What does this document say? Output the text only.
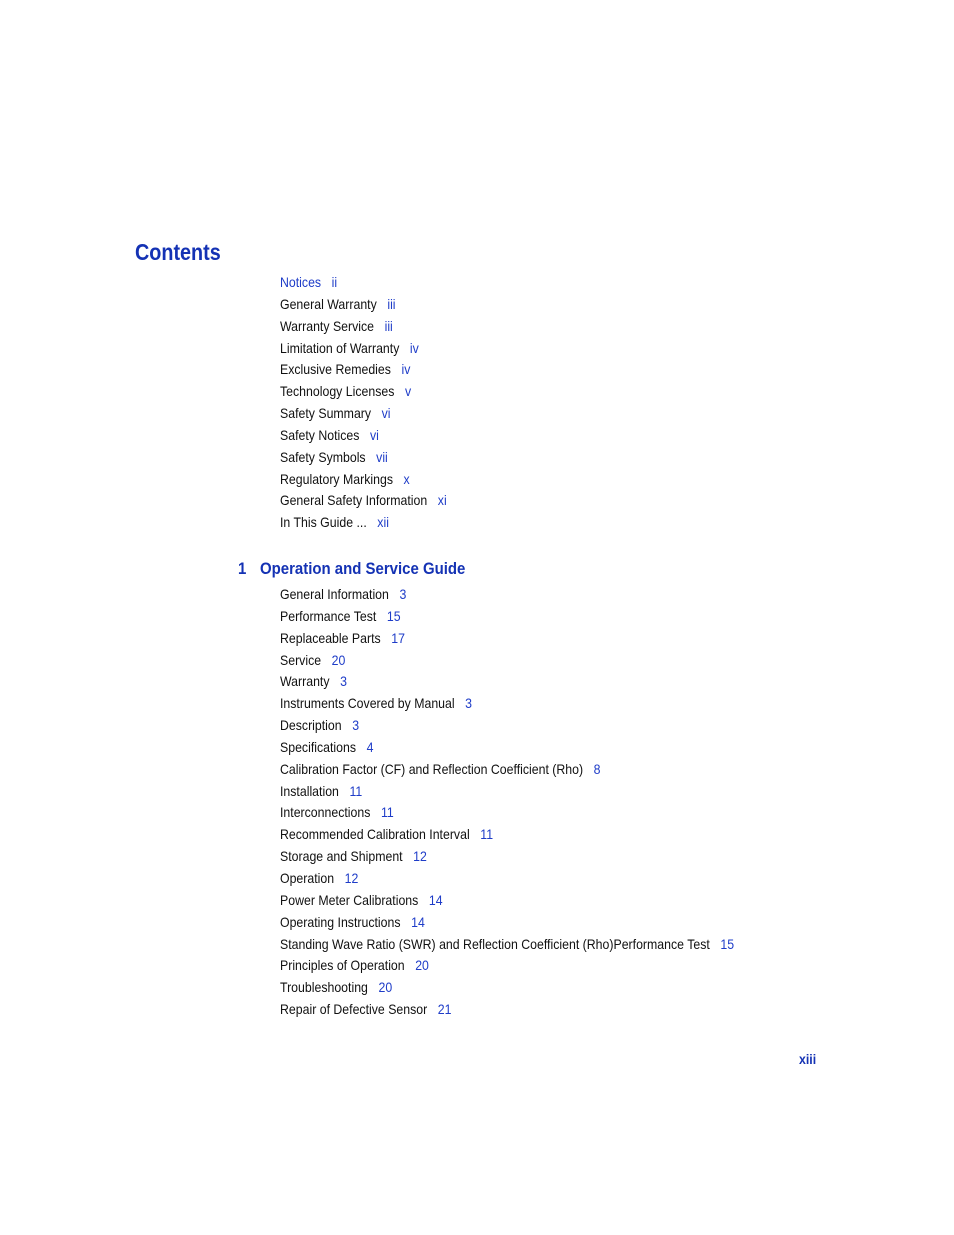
Contents
Notices ii
General Warranty iii
Warranty Service iii
Limitation of Warranty iv
Exclusive Remedies iv
Technology Licenses v
Safety Summary vi
Safety Notices vi
Safety Symbols vii
Regulatory Markings x
General Safety Information xi
In This Guide ... xii
1 Operation and Service Guide
General Information 3
Performance Test 15
Replaceable Parts 17
Service 20
Warranty 3
Instruments Covered by Manual 3
Description 3
Specifications 4
Calibration Factor (CF) and Reflection Coefficient (Rho) 8
Installation 11
Interconnections 11
Recommended Calibration Interval 11
Storage and Shipment 12
Operation 12
Power Meter Calibrations 14
Operating Instructions 14
Standing Wave Ratio (SWR) and Reflection Coefficient (Rho)Performance Test 15
Principles of Operation 20
Troubleshooting 20
Repair of Defective Sensor 21
xiii
